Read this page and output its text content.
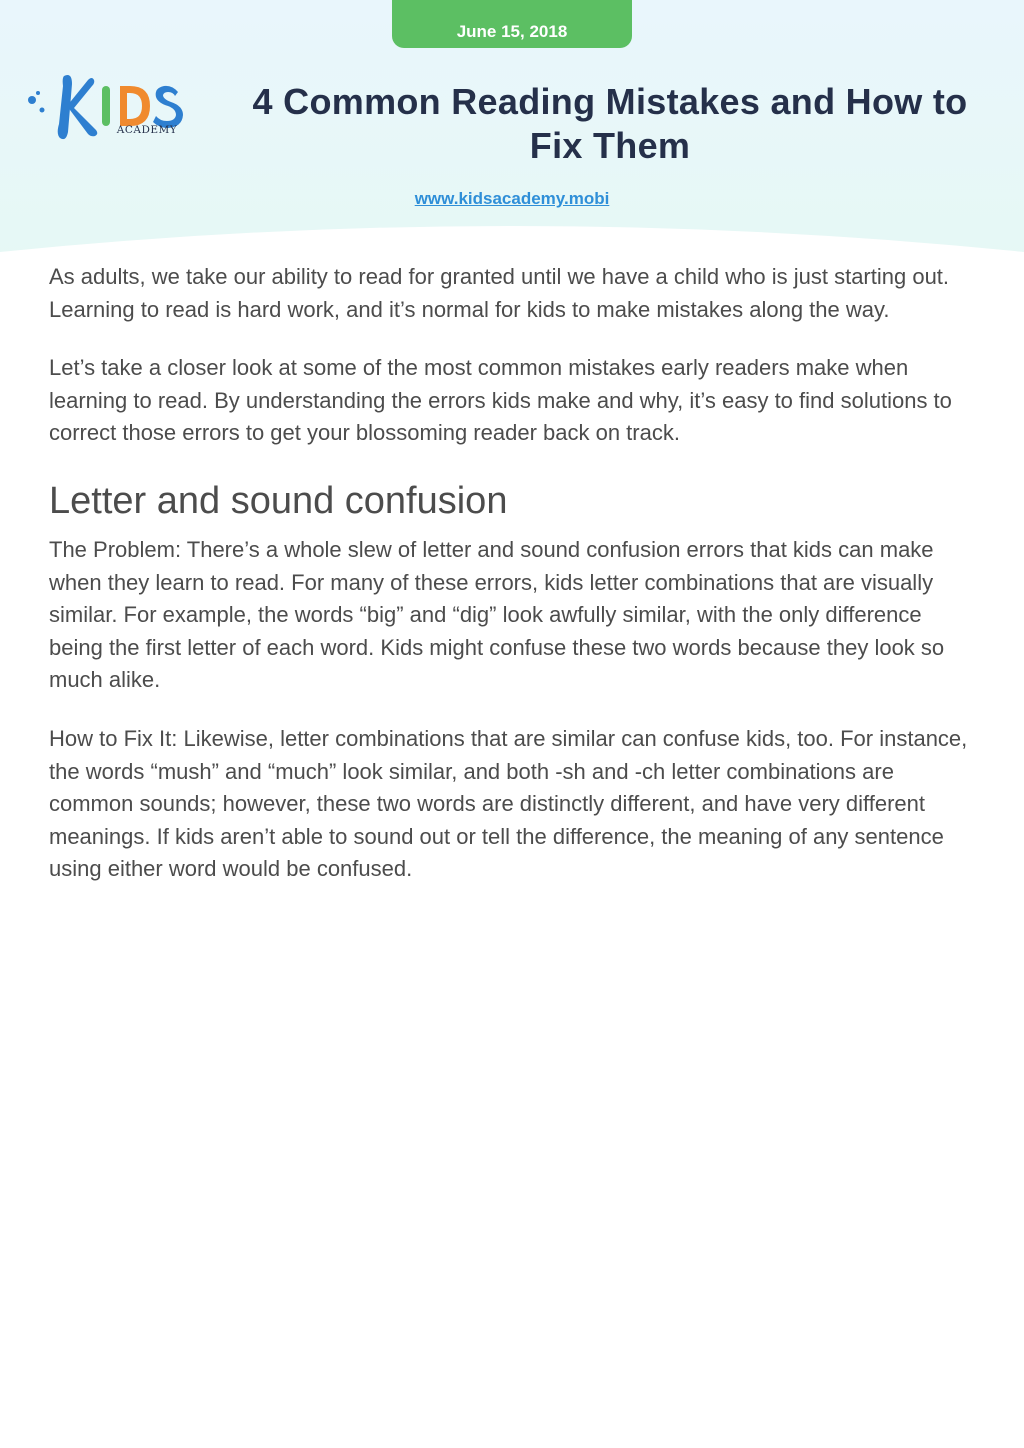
June 15, 2018
ACADEMY
4 Common Reading Mistakes and How to Fix Them
www.kidsacademy.mobi

As adults, we take our ability to read for granted until we have a child who is just starting out. Learning to read is hard work, and it’s normal for kids to make mistakes along the way.

Let’s take a closer look at some of the most common mistakes early readers make when learning to read. By understanding the errors kids make and why, it’s easy to find solutions to correct those errors to get your blossoming reader back on track.

Letter and sound confusion

The Problem: There’s a whole slew of letter and sound confusion errors that kids can make when they learn to read. For many of these errors, kids letter combinations that are visually similar. For example, the words “big” and “dig” look awfully similar, with the only difference being the first letter of each word. Kids might confuse these two words because they look so much alike.

How to Fix It: Likewise, letter combinations that are similar can confuse kids, too. For instance, the words “mush” and “much” look similar, and both -sh and -ch letter combinations are common sounds; however, these two words are distinctly different, and have very different meanings. If kids aren’t able to sound out or tell the difference, the meaning of any sentence using either word would be confused.
